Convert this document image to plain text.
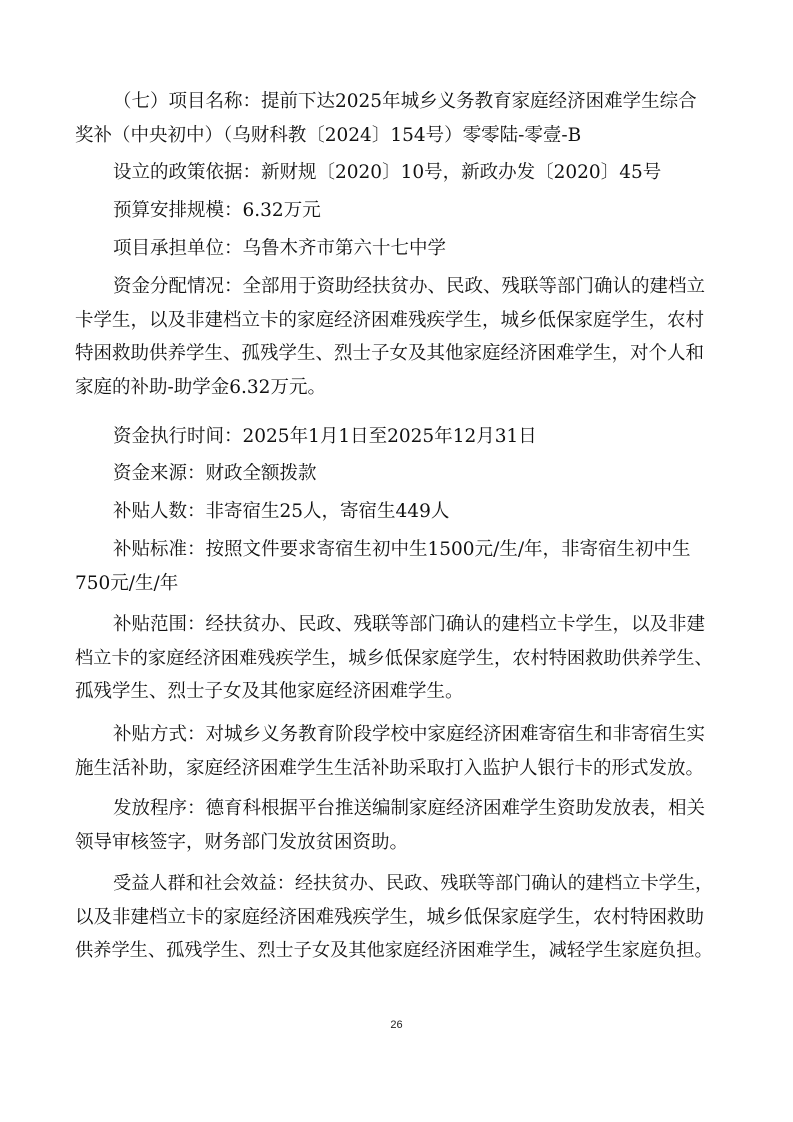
（七）项目名称：提前下达2025年城乡义务教育家庭经济困难学生综合
奖补（中央初中）（乌财科教〔2024〕154号）零零陆-零壹-B

设立的政策依据：新财规〔2020〕10号，新政办发〔2020〕45号

预算安排规模：6.32万元

项目承担单位：乌鲁木齐市第六十七中学

资金分配情况：全部用于资助经扶贫办、民政、残联等部门确认的建档立
卡学生，以及非建档立卡的家庭经济困难残疾学生，城乡低保家庭学生，农村
特困救助供养学生、孤残学生、烈士子女及其他家庭经济困难学生，对个人和
家庭的补助-助学金6.32万元。

资金执行时间：2025年1月1日至2025年12月31日

资金来源：财政全额拨款

补贴人数：非寄宿生25人，寄宿生449人

补贴标准：按照文件要求寄宿生初中生1500元/生/年，非寄宿生初中生
750元/生/年

补贴范围：经扶贫办、民政、残联等部门确认的建档立卡学生，以及非建
档立卡的家庭经济困难残疾学生，城乡低保家庭学生，农村特困救助供养学生、
孤残学生、烈士子女及其他家庭经济困难学生。

补贴方式：对城乡义务教育阶段学校中家庭经济困难寄宿生和非寄宿生实
施生活补助，家庭经济困难学生生活补助采取打入监护人银行卡的形式发放。

发放程序：德育科根据平台推送编制家庭经济困难学生资助发放表，相关
领导审核签字，财务部门发放贫困资助。

受益人群和社会效益：经扶贫办、民政、残联等部门确认的建档立卡学生，
以及非建档立卡的家庭经济困难残疾学生，城乡低保家庭学生，农村特困救助
供养学生、孤残学生、烈士子女及其他家庭经济困难学生，减轻学生家庭负担。

26
